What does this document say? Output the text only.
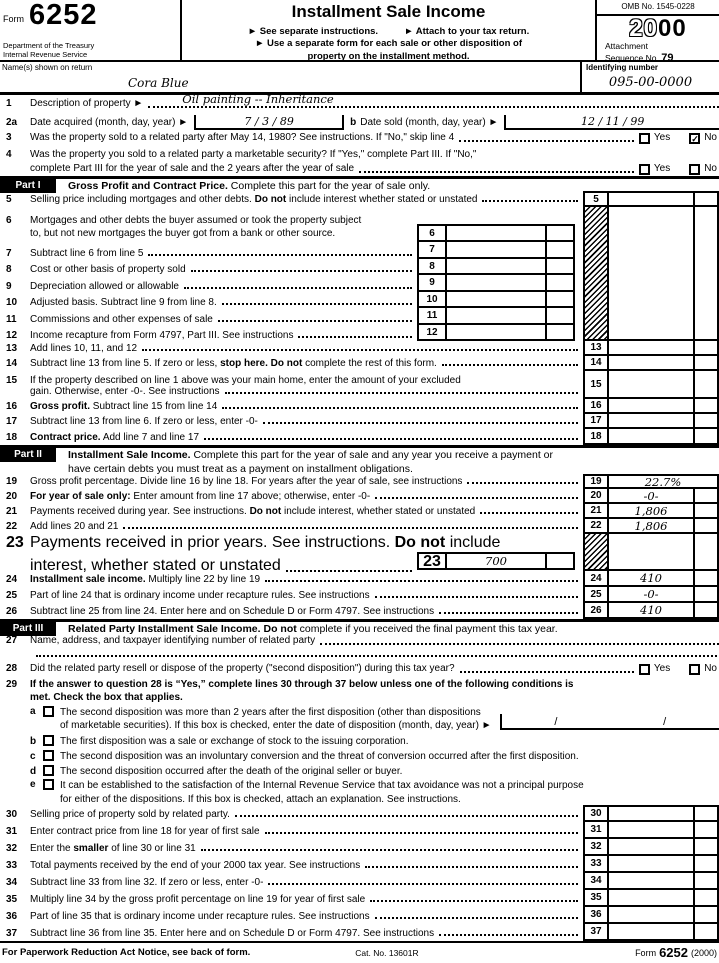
Form 6252
Department of the Treasury
Internal Revenue Service
Installment Sale Income
► See separate instructions.	► Attach to your tax return.
► Use a separate form for each sale or other disposition of
property on the installment method.
OMB No. 1545-0228
2000
Attachment
Sequence No. 79
Name(s) shown on return
Cora Blue
Identifying number
095-00-0000
1	Description of property ►	Oil painting -- Inheritance
2a	Date acquired (month, day, year) ►	7 / 3 / 89	b Date sold (month, day, year) ►	12 / 11 / 99
3	Was the property sold to a related party after May 14, 1980? See instructions. If "No," skip line 4	Yes ✓ No
4	Was the property you sold to a related party a marketable security? If "Yes," complete Part III. If "No,"
complete Part III for the year of sale and the 2 years after the year of sale	Yes	No
Part I	Gross Profit and Contract Price. Complete this part for the year of sale only.
5	Selling price including mortgages and other debts. Do not include interest whether stated or unstated	5
6	Mortgages and other debts the buyer assumed or took the property subject
to, but not new mortgages the buyer got from a bank or other source.	6
7	Subtract line 6 from line 5	7
8	Cost or other basis of property sold	8
9	Depreciation allowed or allowable	9
10	Adjusted basis. Subtract line 9 from line 8.	10
11	Commissions and other expenses of sale	11
12	Income recapture from Form 4797, Part III. See instructions	12
13	Add lines 10, 11, and 12	13
14	Subtract line 13 from line 5. If zero or less, stop here. Do not complete the rest of this form.	14
15	If the property described on line 1 above was your main home, enter the amount of your excluded
gain. Otherwise, enter -0-. See instructions
15
16	Gross profit. Subtract line 15 from line 14	16
17	Subtract line 13 from line 6. If zero or less, enter -0-	17
18	Contract price. Add line 7 and line 17	18
Part II	Installment Sale Income. Complete this part for the year of sale and any year you receive a payment or
have certain debts you must treat as a payment on installment obligations.
19	Gross profit percentage. Divide line 16 by line 18. For years after the year of sale, see instructions	19	22.7%
20	For year of sale only: Enter amount from line 17 above; otherwise, enter -0-	20	-0-
21	Payments received during year. See instructions. Do not include interest, whether stated or unstated	21	1,806
22	Add lines 20 and 21	22	1,806
23 Payments received in prior years. See instructions. Do not include
interest, whether stated or unstated	23	700
24	Installment sale income. Multiply line 22 by line 19	24	410
25	Part of line 24 that is ordinary income under recapture rules. See instructions	25	-0-
26	Subtract line 25 from line 24. Enter here and on Schedule D or Form 4797. See instructions	26	410
Part III	Related Party Installment Sale Income. Do not complete if you received the final payment this tax year.
27	Name, address, and taxpayer identifying number of related party
28	Did the related party resell or dispose of the property ("second disposition") during this tax year?	Yes	No
29	If the answer to question 28 is “Yes,” complete lines 30 through 37 below unless one of the following conditions is
met. Check the box that applies.
a	The second disposition was more than 2 years after the first disposition (other than dispositions
of marketable securities). If this box is checked, enter the date of disposition (month, day, year) ►	/	/
b	The first disposition was a sale or exchange of stock to the issuing corporation.
c	The second disposition was an involuntary conversion and the threat of conversion occurred after the first disposition.
d	The second disposition occurred after the death of the original seller or buyer.
e	It can be established to the satisfaction of the Internal Revenue Service that tax avoidance was not a principal purpose
for either of the dispositions. If this box is checked, attach an explanation. See instructions.
30	Selling price of property sold by related party.	30
31	Enter contract price from line 18 for year of first sale	31
32	Enter the smaller of line 30 or line 31	32
33	Total payments received by the end of your 2000 tax year. See instructions	33
34	Subtract line 33 from line 32. If zero or less, enter -0-	34
35	Multiply line 34 by the gross profit percentage on line 19 for year of first sale	35
36	Part of line 35 that is ordinary income under recapture rules. See instructions	36
37	Subtract line 36 from line 35. Enter here and on Schedule D or Form 4797. See instructions	37
For Paperwork Reduction Act Notice, see back of form.	Cat. No. 13601R	Form 6252 (2000)
